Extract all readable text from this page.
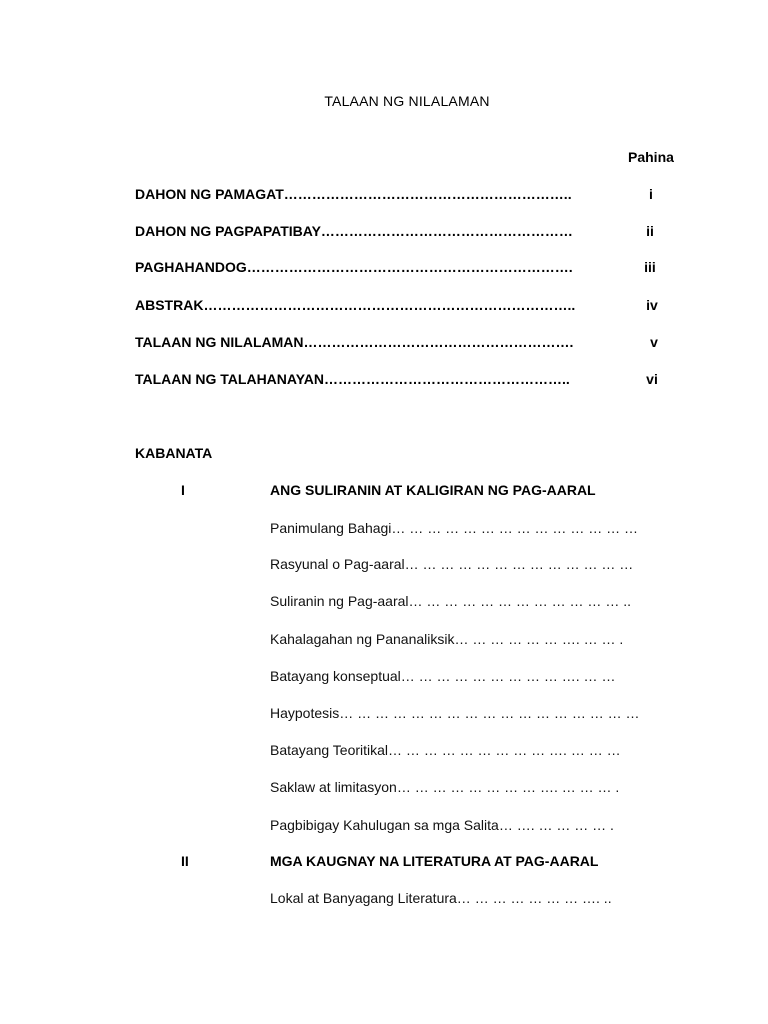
TALAAN NG NILALAMAN
Pahina
DAHON NG PAMAGAT……………………………………………………..	i
DAHON NG PAGPAPATIBAY………………………………………………	ii
PAGHAHANDOG…………………………………………………………….	iii
ABSTRAK……………………………………………………………………..	iv
TALAAN NG NILALAMAN………………………………………………….	v
TALAAN NG TALAHANAYAN……………………………………………..	vi
KABANATA
I	ANG SULIRANIN AT KALIGIRAN NG PAG-AARAL
Panimulang Bahagi… … … … … … … … … … … … … …
Rasyunal o Pag-aaral… … … … … … … … … … … … …
Suliranin ng Pag-aaral… … … … … … … … … … … … ..
Kahalagahan ng Pananaliksik… … … … … … …. … … .
Batayang konseptual… … … … … … … … … …. … …
Haypotesis… … … … … … … … … … … … … … … … …
Batayang Teoritikal… … … … … … … … … …. … … …
Saklaw at limitasyon… … … … … … … … …. … … … .
Pagbibigay Kahulugan sa mga Salita… …. … … … … .
II	MGA KAUGNAY NA LITERATURA AT PAG-AARAL
Lokal at Banyagang Literatura… … … … … … … …. ..
